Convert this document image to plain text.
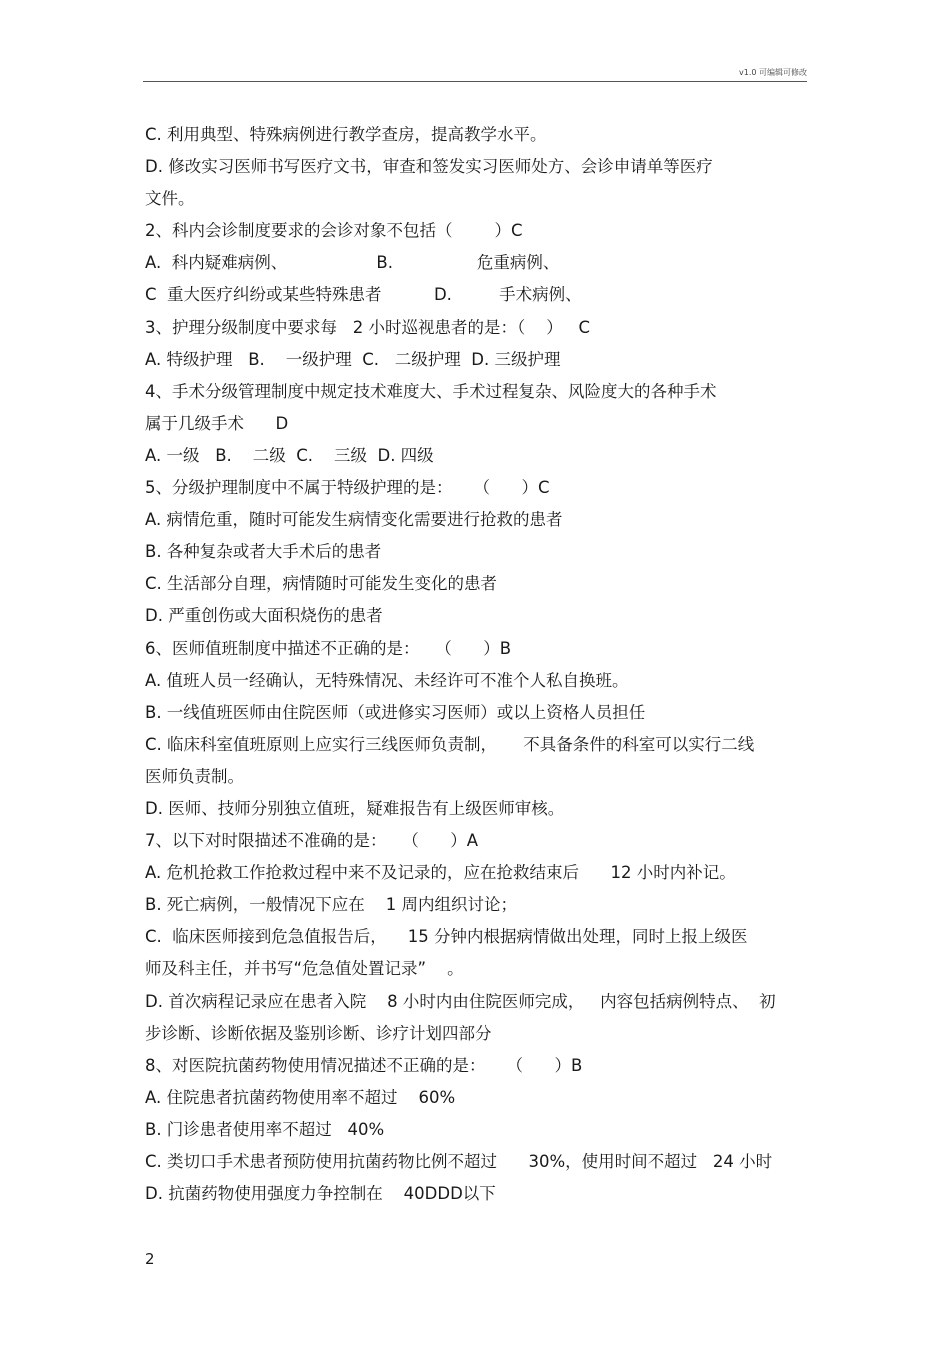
v1.0 可编辑可修改
C. 利用典型、特殊病例进行教学查房，提高教学水平。
D. 修改实习医师书写医疗文书，审查和签发实习医师处方、会诊申请单等医疗
文件。
2、科内会诊制度要求的会诊对象不包括（        ）C
A.  科内疑难病例、                 B.                危重病例、
C  重大医疗纠纷或某些特殊患者          D.         手术病例、
3、护理分级制度中要求每   2 小时巡视患者的是：（    ）   C
A. 特级护理   B.    一级护理  C.   二级护理  D. 三级护理
4、手术分级管理制度中规定技术难度大、手术过程复杂、风险度大的各种手术
属于几级手术      D
A. 一级   B.    二级  C.    三级  D. 四级
5、分级护理制度中不属于特级护理的是：    （      ）C
A. 病情危重，随时可能发生病情变化需要进行抢救的患者
B. 各种复杂或者大手术后的患者
C. 生活部分自理，病情随时可能发生变化的患者
D. 严重创伤或大面积烧伤的患者
6、医师值班制度中描述不正确的是：   （      ）B
A. 值班人员一经确认，无特殊情况、未经许可不准个人私自换班。
B. 一线值班医师由住院医师（或进修实习医师）或以上资格人员担任
C. 临床科室值班原则上应实行三线医师负责制，     不具备条件的科室可以实行二线
医师负责制。
D. 医师、技师分别独立值班，疑难报告有上级医师审核。
7、以下对时限描述不准确的是：   （      ）A
A. 危机抢救工作抢救过程中来不及记录的，应在抢救结束后      12 小时内补记。
B. 死亡病例，一般情况下应在    1 周内组织讨论；
C.  临床医师接到危急值报告后，    15 分钟内根据病情做出处理，同时上报上级医
师及科主任，并书写“危急值处置记录”    。
D. 首次病程记录应在患者入院    8 小时内由住院医师完成，   内容包括病例特点、  初
步诊断、诊断依据及鉴别诊断、诊疗计划四部分
8、对医院抗菌药物使用情况描述不正确的是：    （      ）B
A. 住院患者抗菌药物使用率不超过    60%
B. 门诊患者使用率不超过   40%
C. 类切口手术患者预防使用抗菌药物比例不超过      30%，使用时间不超过   24 小时
D. 抗菌药物使用强度力争控制在    40DDD以下
2
